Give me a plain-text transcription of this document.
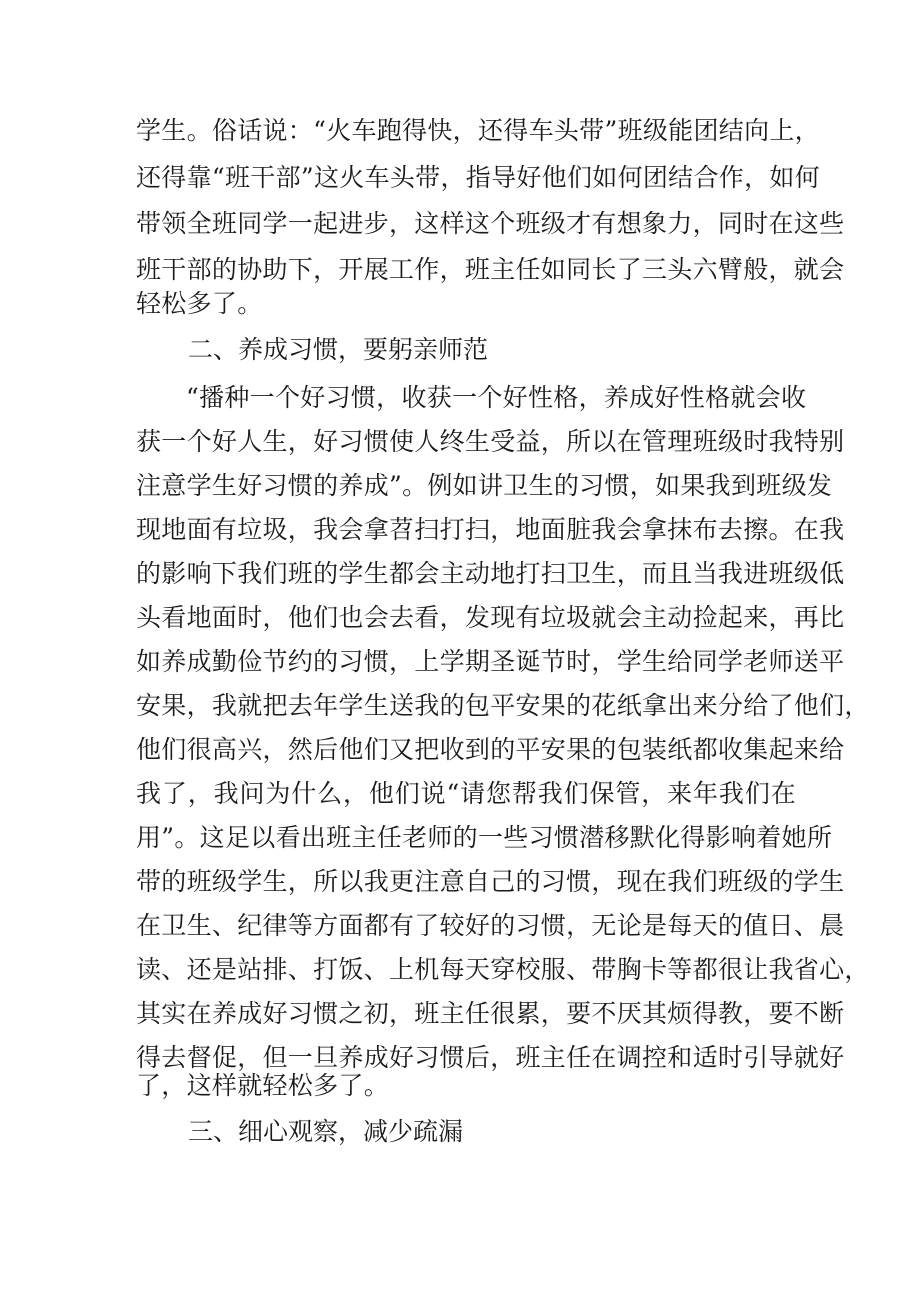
学生。俗话说：“火车跑得快，还得车头带”班级能团结向上，
还得靠“班干部”这火车头带，指导好他们如何团结合作，如何
带领全班同学一起进步，这样这个班级才有想象力，同时在这些
班干部的协助下，开展工作，班主任如同长了三头六臂般，就会
轻松多了。
二、养成习惯，要躬亲师范
“播种一个好习惯，收获一个好性格，养成好性格就会收
获一个好人生，好习惯使人终生受益，所以在管理班级时我特别
注意学生好习惯的养成”。例如讲卫生的习惯，如果我到班级发
现地面有垃圾，我会拿苕扫打扫，地面脏我会拿抹布去擦。在我
的影响下我们班的学生都会主动地打扫卫生，而且当我进班级低
头看地面时，他们也会去看，发现有垃圾就会主动捡起来，再比
如养成勤俭节约的习惯，上学期圣诞节时，学生给同学老师送平
安果，我就把去年学生送我的包平安果的花纸拿出来分给了他们，
他们很高兴，然后他们又把收到的平安果的包装纸都收集起来给
我了，我问为什么，他们说“请您帮我们保管，来年我们在
用”。这足以看出班主任老师的一些习惯潜移默化得影响着她所
带的班级学生，所以我更注意自己的习惯，现在我们班级的学生
在卫生、纪律等方面都有了较好的习惯，无论是每天的值日、晨
读、还是站排、打饭、上机每天穿校服、带胸卡等都很让我省心，
其实在养成好习惯之初，班主任很累，要不厌其烦得教，要不断
得去督促，但一旦养成好习惯后，班主任在调控和适时引导就好
了，这样就轻松多了。
三、细心观察，减少疏漏
